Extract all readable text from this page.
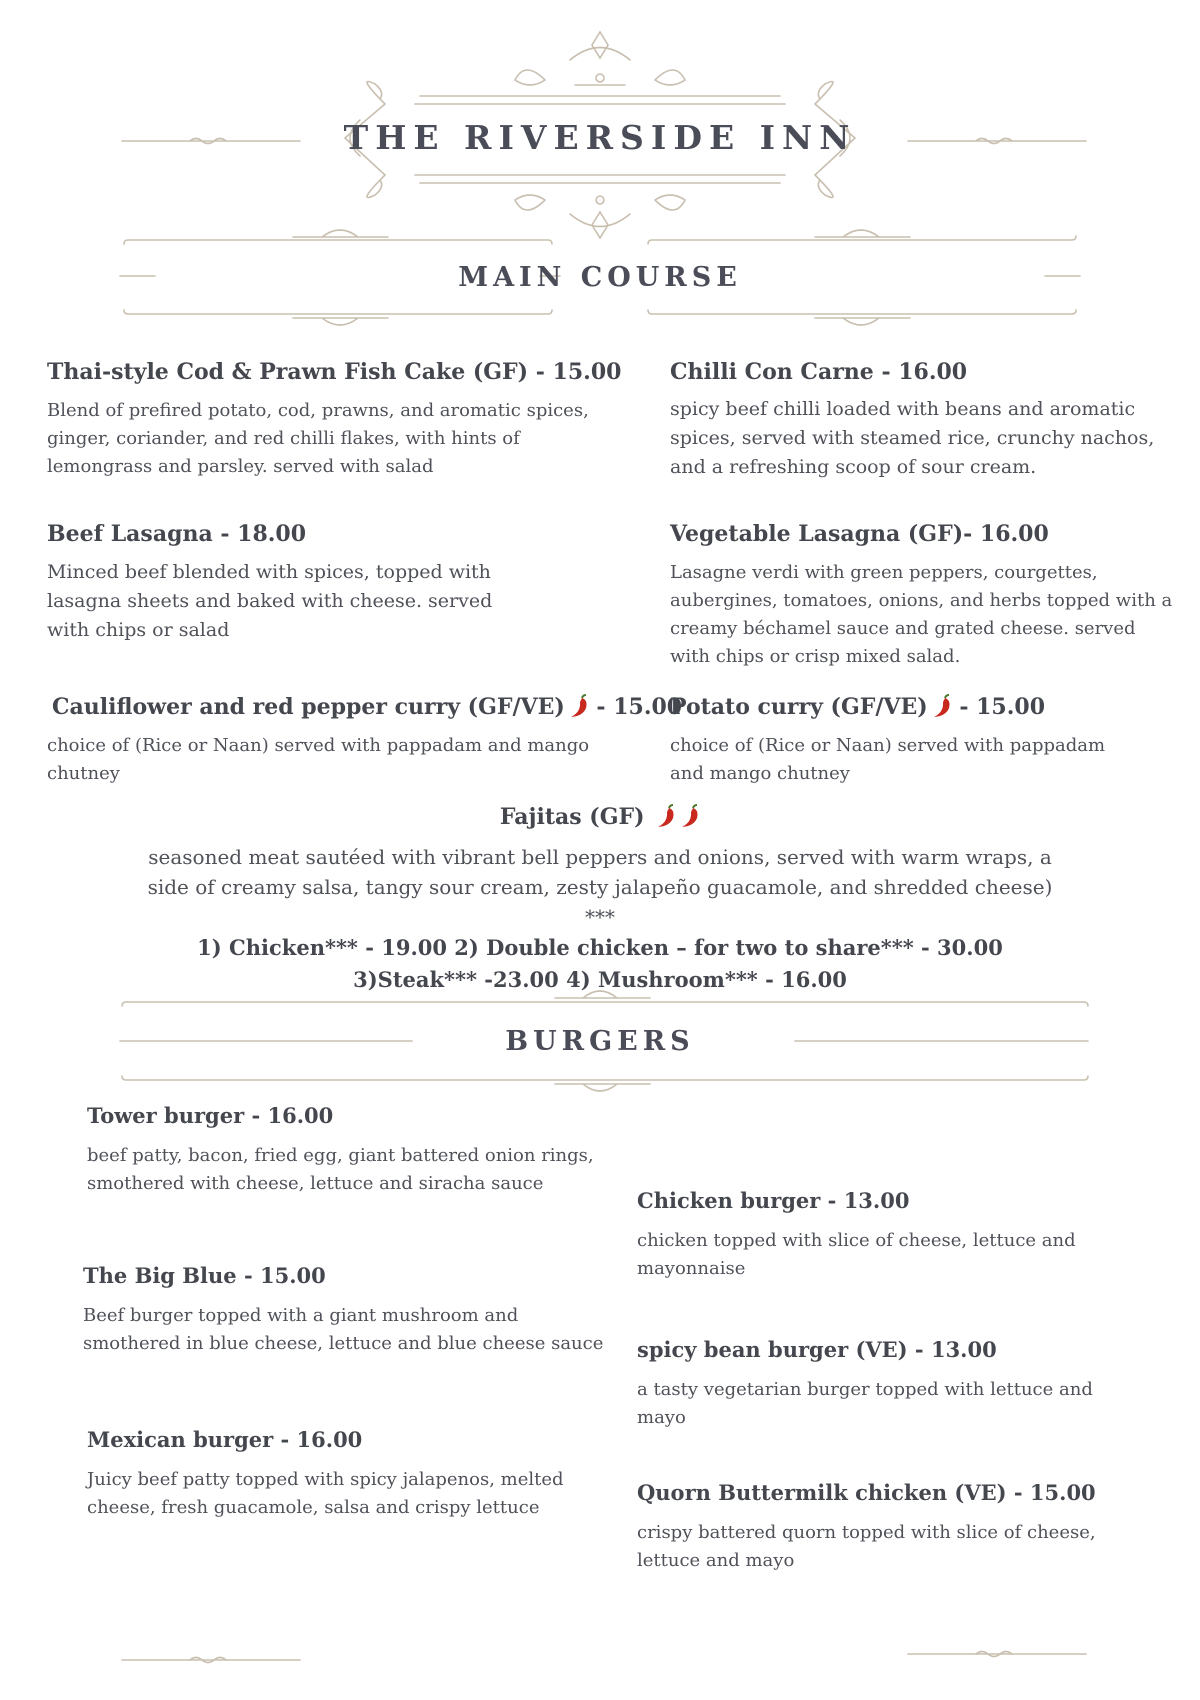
THE RIVERSIDE INN
MAIN COURSE
Thai-style Cod & Prawn Fish Cake (GF) - 15.00
Blend of prefired potato, cod, prawns, and aromatic spices, ginger, coriander, and red chilli flakes, with hints of lemongrass and parsley. served with salad
Chilli Con Carne - 16.00
spicy beef chilli loaded with beans and aromatic spices, served with steamed rice, crunchy nachos, and a refreshing scoop of sour cream.
Beef Lasagna - 18.00
Minced beef blended with spices, topped with lasagna sheets and baked with cheese. served with chips or salad
Vegetable Lasagna (GF)- 16.00
Lasagne verdi with green peppers, courgettes, aubergines, tomatoes, onions, and herbs topped with a creamy béchamel sauce and grated cheese. served with chips or crisp mixed salad.
Cauliflower and red pepper curry (GF/VE) - 15.00
choice of (Rice or Naan) served with pappadam and mango chutney
Potato curry (GF/VE) - 15.00
choice of (Rice or Naan) served with pappadam and mango chutney
Fajitas (GF)
seasoned meat sautéed with vibrant bell peppers and onions, served with warm wraps, a side of creamy salsa, tangy sour cream, zesty jalapeño guacamole, and shredded cheese) ***
1) Chicken*** - 19.00 2) Double chicken – for two to share*** - 30.00
3)Steak*** -23.00 4) Mushroom*** - 16.00
BURGERS
Tower burger - 16.00
beef patty, bacon, fried egg, giant battered onion rings, smothered with cheese, lettuce and siracha sauce
The Big Blue - 15.00
Beef burger topped with a giant mushroom and smothered in blue cheese, lettuce and blue cheese sauce
Mexican burger - 16.00
Juicy beef patty topped with spicy jalapenos, melted cheese, fresh guacamole, salsa and crispy lettuce
Chicken burger - 13.00
chicken topped with slice of cheese, lettuce and mayonnaise
spicy bean burger (VE) - 13.00
a tasty vegetarian burger topped with lettuce and mayo
Quorn Buttermilk chicken (VE) - 15.00
crispy battered quorn topped with slice of cheese, lettuce and mayo
